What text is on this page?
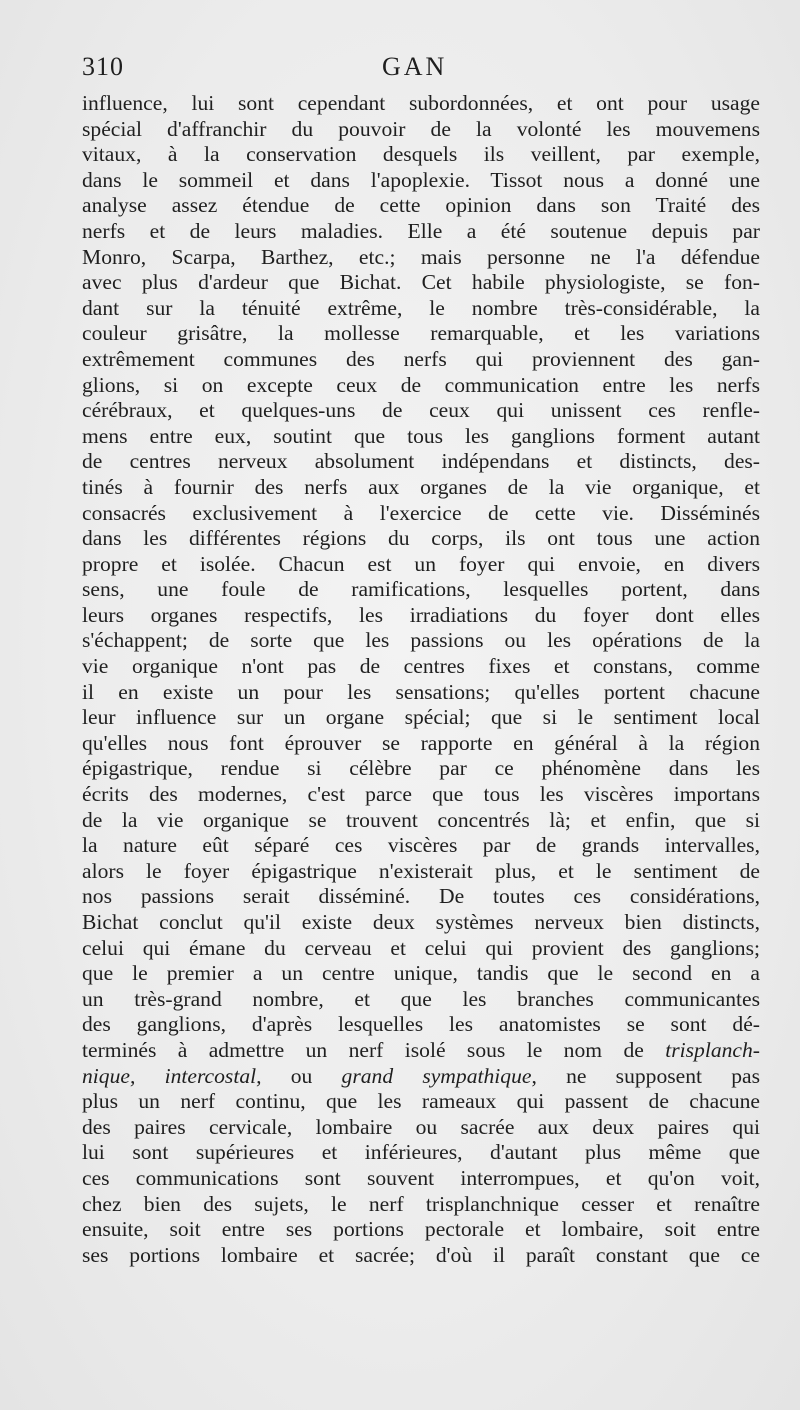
310	GAN
influence, lui sont cependant subordonnées, et ont pour usage
spécial d'affranchir du pouvoir de la volonté les mouvemens
vitaux, à la conservation desquels ils veillent, par exemple,
dans le sommeil et dans l'apoplexie. Tissot nous a donné une
analyse assez étendue de cette opinion dans son Traité des
nerfs et de leurs maladies. Elle a été soutenue depuis par
Monro, Scarpa, Barthez, etc.; mais personne ne l'a défendue
avec plus d'ardeur que Bichat. Cet habile physiologiste, se fon-
dant sur la ténuité extrême, le nombre très-considérable, la
couleur grisâtre, la mollesse remarquable, et les variations
extrêmement communes des nerfs qui proviennent des gan-
glions, si on excepte ceux de communication entre les nerfs
cérébraux, et quelques-uns de ceux qui unissent ces renfle-
mens entre eux, soutint que tous les ganglions forment autant
de centres nerveux absolument indépendans et distincts, des-
tinés à fournir des nerfs aux organes de la vie organique, et
consacrés exclusivement à l'exercice de cette vie. Disséminés
dans les différentes régions du corps, ils ont tous une action
propre et isolée. Chacun est un foyer qui envoie, en divers
sens, une foule de ramifications, lesquelles portent, dans
leurs organes respectifs, les irradiations du foyer dont elles
s'échappent; de sorte que les passions ou les opérations de la
vie organique n'ont pas de centres fixes et constans, comme
il en existe un pour les sensations; qu'elles portent chacune
leur influence sur un organe spécial; que si le sentiment local
qu'elles nous font éprouver se rapporte en général à la région
épigastrique, rendue si célèbre par ce phénomène dans les
écrits des modernes, c'est parce que tous les viscères importans
de la vie organique se trouvent concentrés là; et enfin, que si
la nature eût séparé ces viscères par de grands intervalles,
alors le foyer épigastrique n'existerait plus, et le sentiment de
nos passions serait disséminé. De toutes ces considérations,
Bichat conclut qu'il existe deux systèmes nerveux bien distincts,
celui qui émane du cerveau et celui qui provient des ganglions;
que le premier a un centre unique, tandis que le second en a
un très-grand nombre, et que les branches communicantes
des ganglions, d'après lesquelles les anatomistes se sont dé-
terminés à admettre un nerf isolé sous le nom de trisplanch-
nique, intercostal, ou grand sympathique, ne supposent pas
plus un nerf continu, que les rameaux qui passent de chacune
des paires cervicale, lombaire ou sacrée aux deux paires qui
lui sont supérieures et inférieures, d'autant plus même que
ces communications sont souvent interrompues, et qu'on voit,
chez bien des sujets, le nerf trisplanchnique cesser et renaître
ensuite, soit entre ses portions pectorale et lombaire, soit entre
ses portions lombaire et sacrée; d'où il paraît constant que ce
